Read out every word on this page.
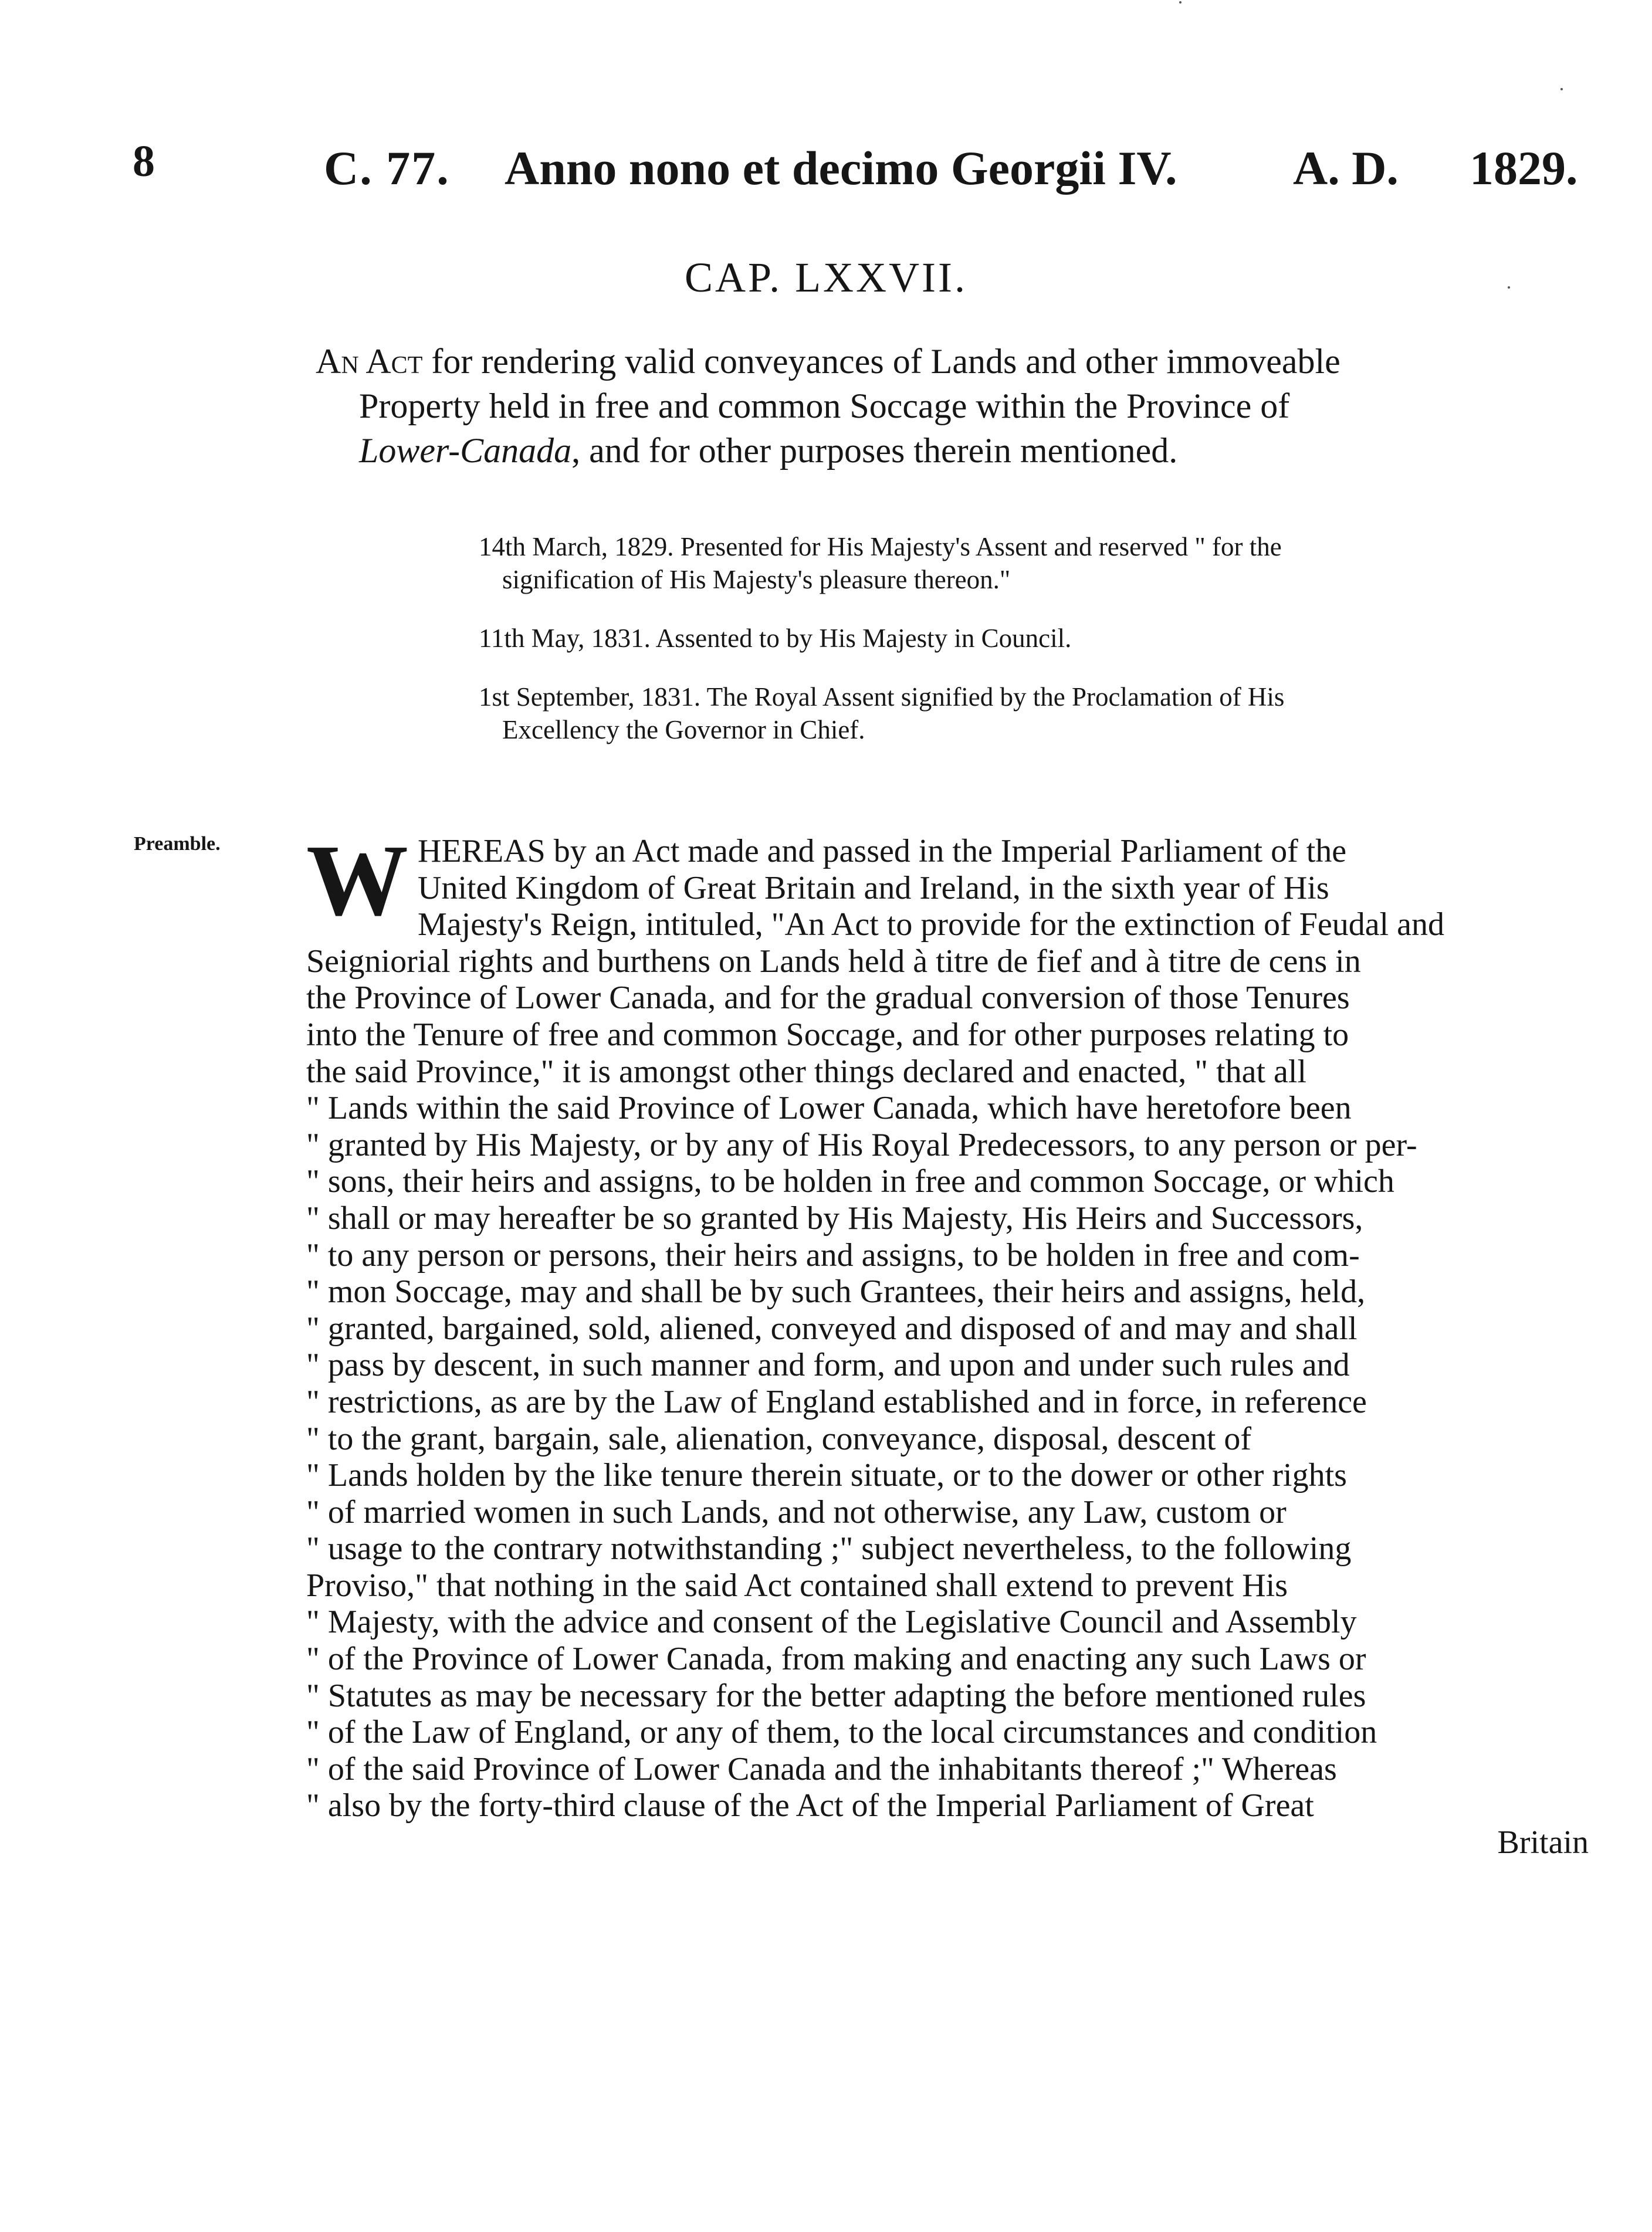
8	C. 77. Anno nono et decimo Georgii IV. A. D. 1829.
CAP. LXXVII.
An Act for rendering valid conveyances of Lands and other immoveable
Property held in free and common Soccage within the Province of
Lower-Canada, and for other purposes therein mentioned.
14th March, 1829. Presented for His Majesty's Assent and reserved " for the
signification of His Majesty's pleasure thereon."
11th May, 1831. Assented to by His Majesty in Council.
1st September, 1831. The Royal Assent signified by the Proclamation of His
Excellency the Governor in Chief.
Preamble. W HEREAS by an Act made and passed in the Imperial Parliament of the
United Kingdom of Great Britain and Ireland, in the sixth year of His
Majesty's Reign, intituled, "An Act to provide for the extinction of Feudal and
Seigniorial rights and burthens on Lands held à titre de fief and à titre de cens in
the Province of Lower Canada, and for the gradual conversion of those Tenures
into the Tenure of free and common Soccage, and for other purposes relating to
the said Province," it is amongst other things declared and enacted, " that all
" Lands within the said Province of Lower Canada, which have heretofore been
" granted by His Majesty, or by any of His Royal Predecessors, to any person or per-
" sons, their heirs and assigns, to be holden in free and common Soccage, or which
" shall or may hereafter be so granted by His Majesty, His Heirs and Successors,
" to any person or persons, their heirs and assigns, to be holden in free and com-
" mon Soccage, may and shall be by such Grantees, their heirs and assigns, held,
" granted, bargained, sold, aliened, conveyed and disposed of and may and shall
" pass by descent, in such manner and form, and upon and under such rules and
" restrictions, as are by the Law of England established and in force, in reference
" to the grant, bargain, sale, alienation, conveyance, disposal, descent of
" Lands holden by the like tenure therein situate, or to the dower or other rights
" of married women in such Lands, and not otherwise, any Law, custom or
" usage to the contrary notwithstanding ;" subject nevertheless, to the following
Proviso," that nothing in the said Act contained shall extend to prevent His
" Majesty, with the advice and consent of the Legislative Council and Assembly
" of the Province of Lower Canada, from making and enacting any such Laws or
" Statutes as may be necessary for the better adapting the before mentioned rules
" of the Law of England, or any of them, to the local circumstances and condition
" of the said Province of Lower Canada and the inhabitants thereof ;" Whereas
" also by the forty-third clause of the Act of the Imperial Parliament of Great
Britain
